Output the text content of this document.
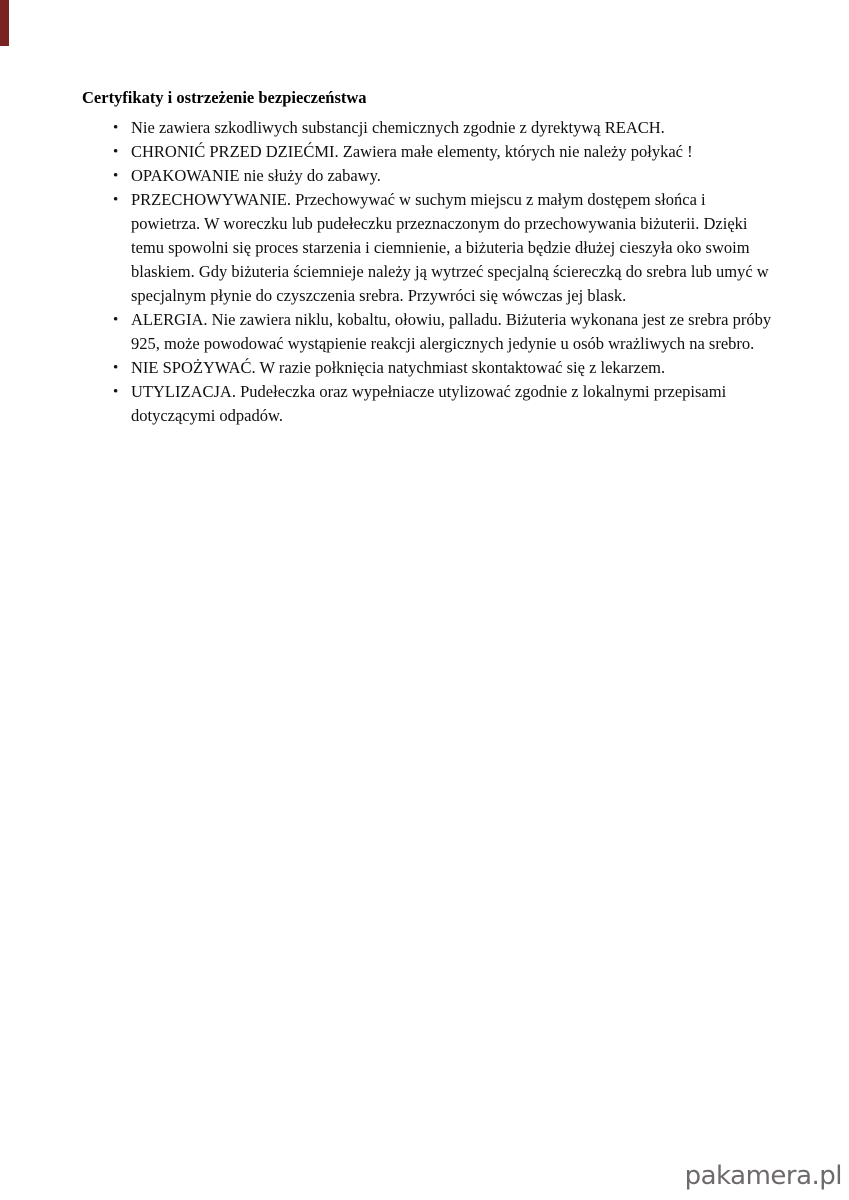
Certyfikaty i ostrzeżenie bezpieczeństwa
• Nie zawiera szkodliwych substancji chemicznych zgodnie z dyrektywą REACH.
• CHRONIĆ PRZED DZIEĆMI. Zawiera małe elementy, których nie należy połykać !
• OPAKOWANIE nie służy do zabawy.
• PRZECHOWYWANIE. Przechowywać w suchym miejscu z małym dostępem słońca i powietrza. W woreczku lub pudełeczku przeznaczonym do przechowywania biżuterii. Dzięki temu spowolni się proces starzenia i ciemnienie, a biżuteria będzie dłużej cieszyła oko swoim blaskiem. Gdy biżuteria ściemnieje należy ją wytrzeć specjalną ściereczką do srebra lub umyć w specjalnym płynie do czyszczenia srebra. Przywróci się wówczas jej blask.
• ALERGIA. Nie zawiera niklu, kobaltu, ołowiu, palladu. Biżuteria wykonana jest ze srebra próby 925, może powodować wystąpienie reakcji alergicznych jedynie u osób wrażliwych na srebro.
• NIE SPOŻYWAĆ. W razie połknięcia natychmiast skontaktować się z lekarzem.
• UTYLIZACJA. Pudełeczka oraz wypełniacze utylizować zgodnie z lokalnymi przepisami dotyczącymi odpadów.
pakamera.pl
